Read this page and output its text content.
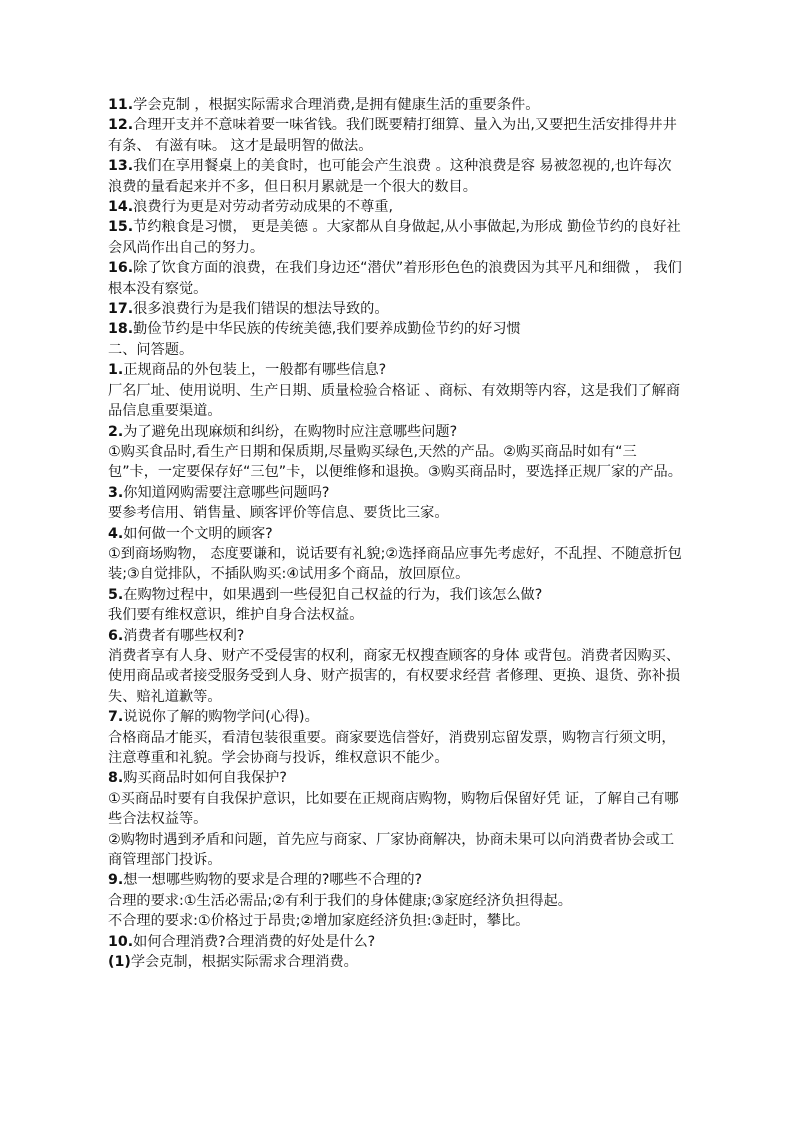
11.学会克制 ，根据实际需求合理消费,是拥有健康生活的重要条件。

12.合理开支并不意味着要一味省钱。我们既要精打细算、量入为出,又要把生活安排得井井有条、 有滋有味。 这才是最明智的做法。

13.我们在享用餐桌上的美食时，也可能会产生浪费 。这种浪费是容 易被忽视的,也许每次浪费的量看起来并不多，但日积月累就是一个很大的数目。

14.浪费行为更是对劳动者劳动成果的不尊重,

15.节约粮食是习惯， 更是美德 。大家都从自身做起,从小事做起,为形成 勤俭节约的良好社会风尚作出自己的努力。

16.除了饮食方面的浪费，在我们身边还“潜伏”着形形色色的浪费因为其平凡和细微 ， 我们根本没有察觉。

17.很多浪费行为是我们错误的想法导致的。

18.勤俭节约是中华民族的传统美德,我们要养成勤俭节约的好习惯

二、问答题。

1.正规商品的外包装上，一般都有哪些信息?

厂名厂址、使用说明、生产日期、质量检验合格证 、商标、有效期等内容，这是我们了解商品信息重要渠道。

2.为了避免出现麻烦和纠纷，在购物时应注意哪些问题?

①购买食品时,看生产日期和保质期,尽量购买绿色,天然的产品。②购买商品时如有“三包”卡，一定要保存好“三包”卡，以便维修和退换。③购买商品时，要选择正规厂家的产品。

3.你知道网购需要注意哪些问题吗?

要参考信用、销售量、顾客评价等信息、要货比三家。

4.如何做一个文明的顾客?

①到商场购物， 态度要谦和，说话要有礼貌;②选择商品应事先考虑好，不乱捏、不随意折包装;③自觉排队，不插队购买:④试用多个商品，放回原位。

5.在购物过程中，如果遇到一些侵犯自己权益的行为，我们该怎么做?

我们要有维权意识，维护自身合法权益。

6.消费者有哪些权利?

消费者享有人身、财产不受侵害的权利，商家无权搜查顾客的身体 或背包。消费者因购买、使用商品或者接受服务受到人身、财产损害的，有权要求经营 者修理、更换、退货、弥补损失、赔礼道歉等。

7.说说你了解的购物学问(心得)。

合格商品才能买，看清包装很重要。商家要选信誉好，消费别忘留发票，购物言行须文明，注意尊重和礼貌。学会协商与投诉，维权意识不能少。

8.购买商品时如何自我保护?

①买商品时要有自我保护意识，比如要在正规商店购物，购物后保留好凭 证，了解自己有哪些合法权益等。

②购物时遇到矛盾和问题，首先应与商家、厂家协商解决，协商未果可以向消费者协会或工商管理部门投诉。

9.想一想哪些购物的要求是合理的?哪些不合理的?

合理的要求:①生活必需品;②有利于我们的身体健康;③家庭经济负担得起。

不合理的要求:①价格过于昂贵;②增加家庭经济负担:③赶时，攀比。

10.如何合理消费?合理消费的好处是什么?

(1)学会克制，根据实际需求合理消费。
